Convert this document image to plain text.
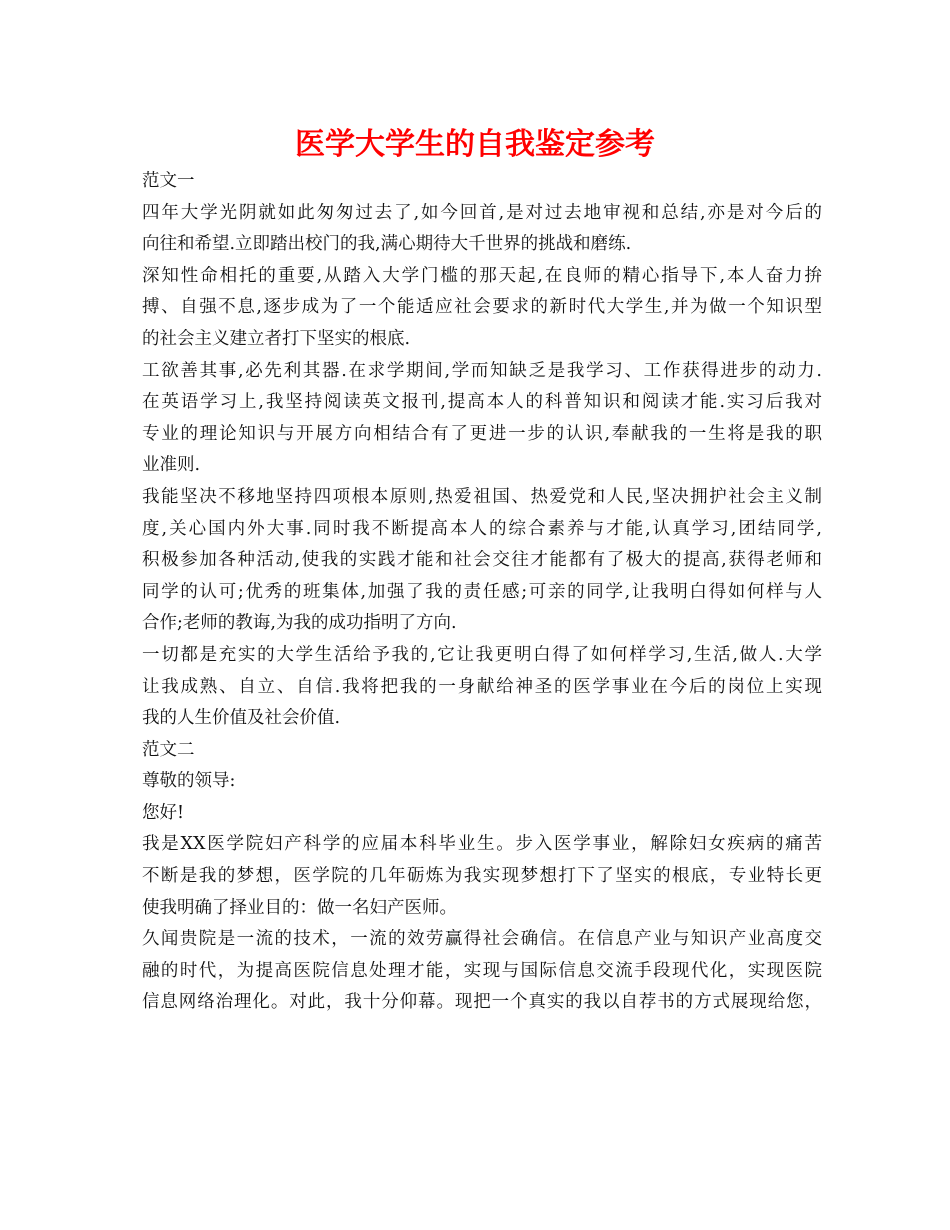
医学大学生的自我鉴定参考
范文一
四年大学光阴就如此匆匆过去了,如今回首,是对过去地审视和总结,亦是对今后的
向往和希望.立即踏出校门的我,满心期待大千世界的挑战和磨练.
深知性命相托的重要,从踏入大学门槛的那天起,在良师的精心指导下,本人奋力拚
搏、自强不息,逐步成为了一个能适应社会要求的新时代大学生,并为做一个知识型
的社会主义建立者打下坚实的根底.
工欲善其事,必先利其器.在求学期间,学而知缺乏是我学习、工作获得进步的动力.
在英语学习上,我坚持阅读英文报刊,提高本人的科普知识和阅读才能.实习后我对
专业的理论知识与开展方向相结合有了更进一步的认识,奉献我的一生将是我的职
业准则.
我能坚决不移地坚持四项根本原则,热爱祖国、热爱党和人民,坚决拥护社会主义制
度,关心国内外大事.同时我不断提高本人的综合素养与才能,认真学习,团结同学,
积极参加各种活动,使我的实践才能和社会交往才能都有了极大的提高,获得老师和
同学的认可;优秀的班集体,加强了我的责任感;可亲的同学,让我明白得如何样与人
合作;老师的教诲,为我的成功指明了方向.
一切都是充实的大学生活给予我的,它让我更明白得了如何样学习,生活,做人.大学
让我成熟、自立、自信.我将把我的一身献给神圣的医学事业在今后的岗位上实现
我的人生价值及社会价值.
范文二
尊敬的领导:
您好!
我是XX医学院妇产科学的应届本科毕业生。步入医学事业，解除妇女疾病的痛苦
不断是我的梦想，医学院的几年砺炼为我实现梦想打下了坚实的根底，专业特长更
使我明确了择业目的：做一名妇产医师。
久闻贵院是一流的技术，一流的效劳赢得社会确信。在信息产业与知识产业高度交
融的时代，为提高医院信息处理才能，实现与国际信息交流手段现代化，实现医院
信息网络治理化。对此，我十分仰幕。现把一个真实的我以自荐书的方式展现给您，
